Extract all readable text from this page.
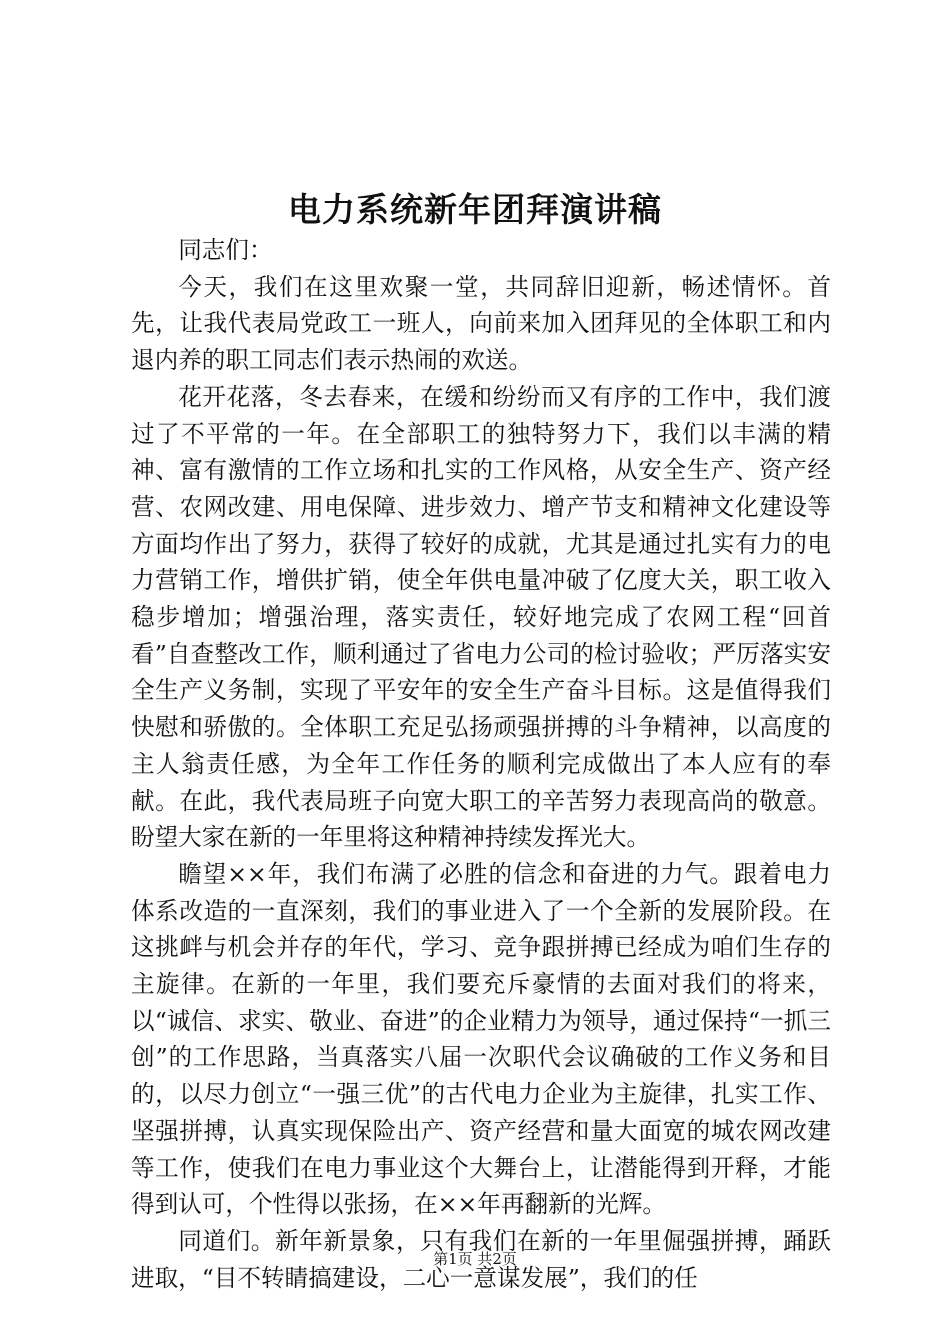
电力系统新年团拜演讲稿

同志们：

今天，我们在这里欢聚一堂，共同辞旧迎新，畅述情怀。首先，让我代表局党政工一班人，向前来加入团拜见的全体职工和内退内养的职工同志们表示热闹的欢送。

花开花落，冬去春来，在缓和纷纷而又有序的工作中，我们渡过了不平常的一年。在全部职工的独特努力下，我们以丰满的精神、富有激情的工作立场和扎实的工作风格，从安全生产、资产经营、农网改建、用电保障、进步效力、增产节支和精神文化建设等方面均作出了努力，获得了较好的成就，尤其是通过扎实有力的电力营销工作，增供扩销，使全年供电量冲破了亿度大关，职工收入稳步增加；增强治理，落实责任，较好地完成了农网工程“回首看”自查整改工作，顺利通过了省电力公司的检讨验收；严厉落实安全生产义务制，实现了平安年的安全生产奋斗目标。这是值得我们快慰和骄傲的。全体职工充足弘扬顽强拼搏的斗争精神，以高度的主人翁责任感，为全年工作任务的顺利完成做出了本人应有的奉献。在此，我代表局班子向宽大职工的辛苦努力表现高尚的敬意。盼望大家在新的一年里将这种精神持续发挥光大。

瞻望××年，我们布满了必胜的信念和奋进的力气。跟着电力体系改造的一直深刻，我们的事业进入了一个全新的发展阶段。在这挑衅与机会并存的年代，学习、竞争跟拼搏已经成为咱们生存的主旋律。在新的一年里，我们要充斥豪情的去面对我们的将来，以“诚信、求实、敬业、奋进”的企业精力为领导，通过保持“一抓三创”的工作思路，当真落实八届一次职代会议确破的工作义务和目的，以尽力创立“一强三优”的古代电力企业为主旋律，扎实工作、坚强拼搏，认真实现保险出产、资产经营和量大面宽的城农网改建等工作，使我们在电力事业这个大舞台上，让潜能得到开释，才能得到认可，个性得以张扬，在××年再翻新的光辉。

同道们。新年新景象，只有我们在新的一年里倔强拼搏，踊跃进取，“目不转睛搞建设，二心一意谋发展”，我们的任

第1页 共2页
